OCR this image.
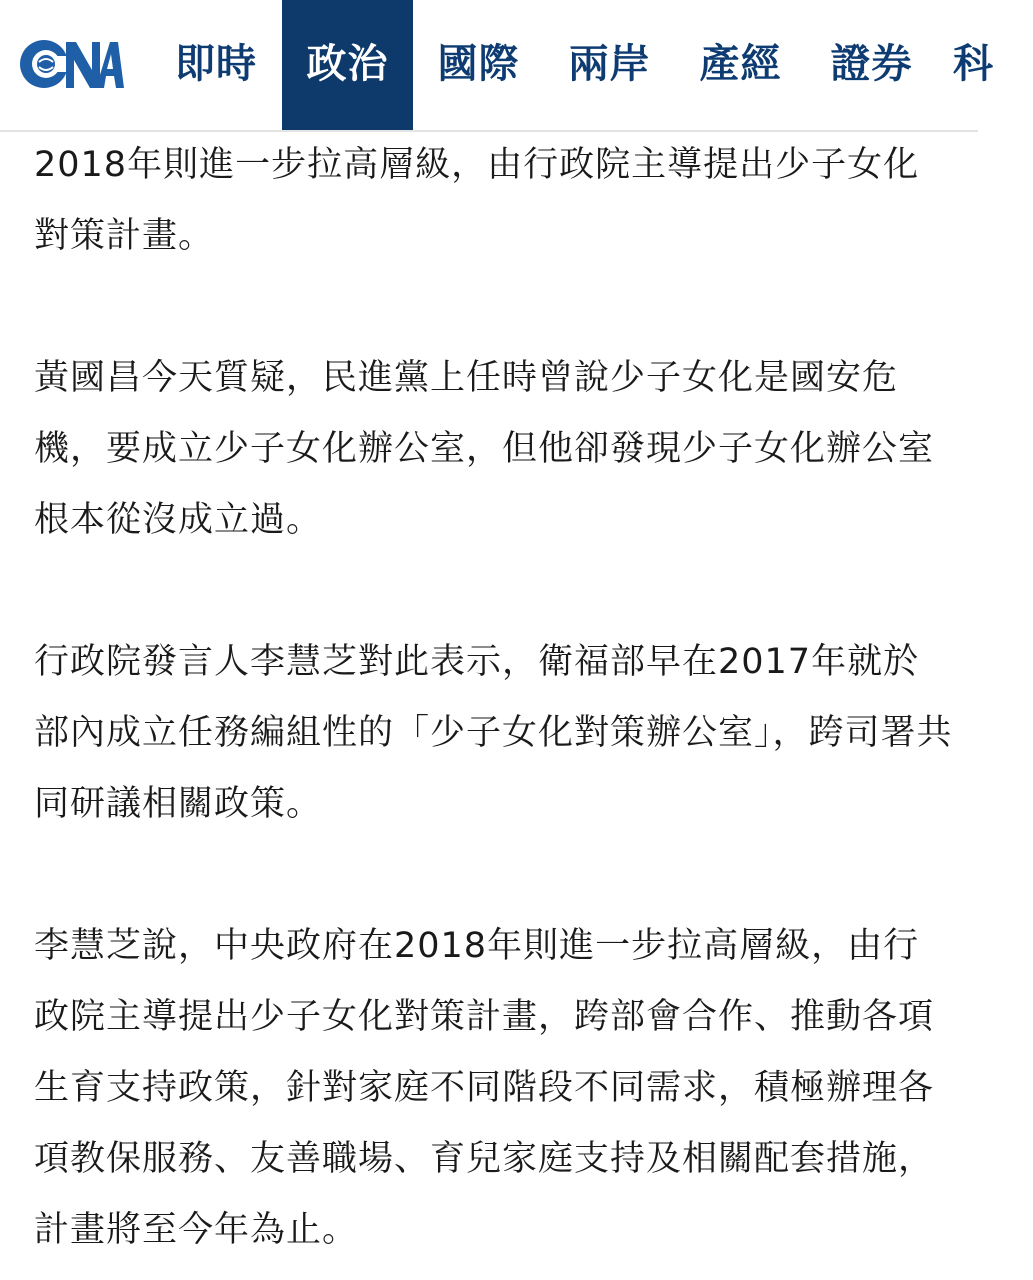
即時	政治	國際	兩岸	產經	證券	科

2018年則進一步拉高層級，由行政院主導提出少子女化對策計畫。

黃國昌今天質疑，民進黨上任時曾說少子女化是國安危機，要成立少子女化辦公室，但他卻發現少子女化辦公室根本從沒成立過。

行政院發言人李慧芝對此表示，衛福部早在2017年就於部內成立任務編組性的「少子女化對策辦公室」，跨司署共同研議相關政策。

李慧芝說，中央政府在2018年則進一步拉高層級，由行政院主導提出少子女化對策計畫，跨部會合作、推動各項生育支持政策，針對家庭不同階段不同需求，積極辦理各項教保服務、友善職場、育兒家庭支持及相關配套措施，計畫將至今年為止。
